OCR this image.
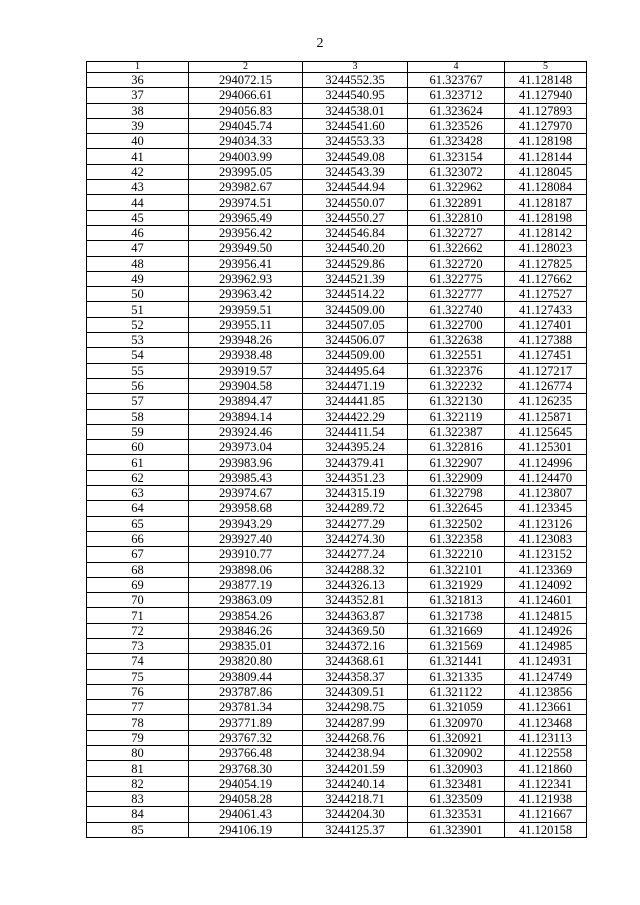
2
1	2	3	4	5
36	294072.15	3244552.35	61.323767	41.128148
37	294066.61	3244540.95	61.323712	41.127940
38	294056.83	3244538.01	61.323624	41.127893
39	294045.74	3244541.60	61.323526	41.127970
40	294034.33	3244553.33	61.323428	41.128198
41	294003.99	3244549.08	61.323154	41.128144
42	293995.05	3244543.39	61.323072	41.128045
43	293982.67	3244544.94	61.322962	41.128084
44	293974.51	3244550.07	61.322891	41.128187
45	293965.49	3244550.27	61.322810	41.128198
46	293956.42	3244546.84	61.322727	41.128142
47	293949.50	3244540.20	61.322662	41.128023
48	293956.41	3244529.86	61.322720	41.127825
49	293962.93	3244521.39	61.322775	41.127662
50	293963.42	3244514.22	61.322777	41.127527
51	293959.51	3244509.00	61.322740	41.127433
52	293955.11	3244507.05	61.322700	41.127401
53	293948.26	3244506.07	61.322638	41.127388
54	293938.48	3244509.00	61.322551	41.127451
55	293919.57	3244495.64	61.322376	41.127217
56	293904.58	3244471.19	61.322232	41.126774
57	293894.47	3244441.85	61.322130	41.126235
58	293894.14	3244422.29	61.322119	41.125871
59	293924.46	3244411.54	61.322387	41.125645
60	293973.04	3244395.24	61.322816	41.125301
61	293983.96	3244379.41	61.322907	41.124996
62	293985.43	3244351.23	61.322909	41.124470
63	293974.67	3244315.19	61.322798	41.123807
64	293958.68	3244289.72	61.322645	41.123345
65	293943.29	3244277.29	61.322502	41.123126
66	293927.40	3244274.30	61.322358	41.123083
67	293910.77	3244277.24	61.322210	41.123152
68	293898.06	3244288.32	61.322101	41.123369
69	293877.19	3244326.13	61.321929	41.124092
70	293863.09	3244352.81	61.321813	41.124601
71	293854.26	3244363.87	61.321738	41.124815
72	293846.26	3244369.50	61.321669	41.124926
73	293835.01	3244372.16	61.321569	41.124985
74	293820.80	3244368.61	61.321441	41.124931
75	293809.44	3244358.37	61.321335	41.124749
76	293787.86	3244309.51	61.321122	41.123856
77	293781.34	3244298.75	61.321059	41.123661
78	293771.89	3244287.99	61.320970	41.123468
79	293767.32	3244268.76	61.320921	41.123113
80	293766.48	3244238.94	61.320902	41.122558
81	293768.30	3244201.59	61.320903	41.121860
82	294054.19	3244240.14	61.323481	41.122341
83	294058.28	3244218.71	61.323509	41.121938
84	294061.43	3244204.30	61.323531	41.121667
85	294106.19	3244125.37	61.323901	41.120158
